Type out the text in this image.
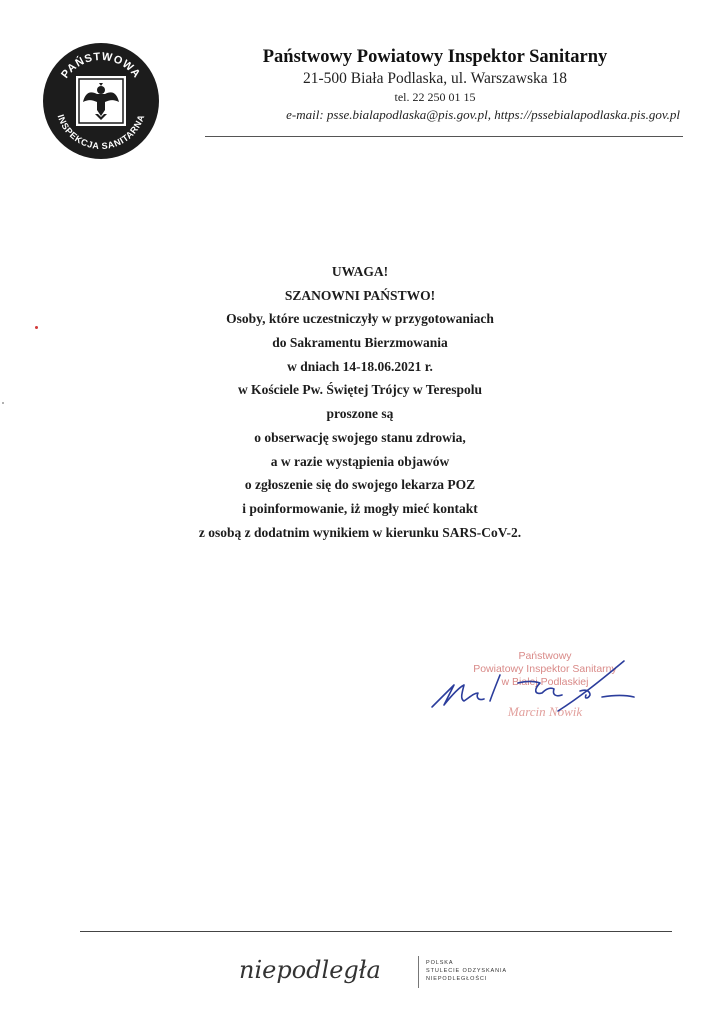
PAŃSTWOWA
INSPEKCJA SANITARNA
Państwowy Powiatowy Inspektor Sanitarny
21-500 Biała Podlaska, ul. Warszawska 18
tel. 22 250 01 15
e-mail: psse.bialapodlaska@pis.gov.pl, https://pssebialapodlaska.pis.gov.pl
UWAGA!
SZANOWNI PAŃSTWO!
Osoby, które uczestniczyły w przygotowaniach
do Sakramentu Bierzmowania
w dniach 14-18.06.2021 r.
w Kościele Pw. Świętej Trójcy w Terespolu
proszone są
o obserwację swojego stanu zdrowia,
a w razie wystąpienia objawów
o zgłoszenie się do swojego lekarza POZ
i poinformowanie, iż mogły mieć kontakt
z osobą z dodatnim wynikiem w kierunku SARS-CoV-2.
Państwowy
Powiatowy Inspektor Sanitarny
w Białej Podlaskiej
Marcin Nowik
niepodległa	POLSKA
STULECIE ODZYSKANIA
NIEPODLEGŁOŚCI
